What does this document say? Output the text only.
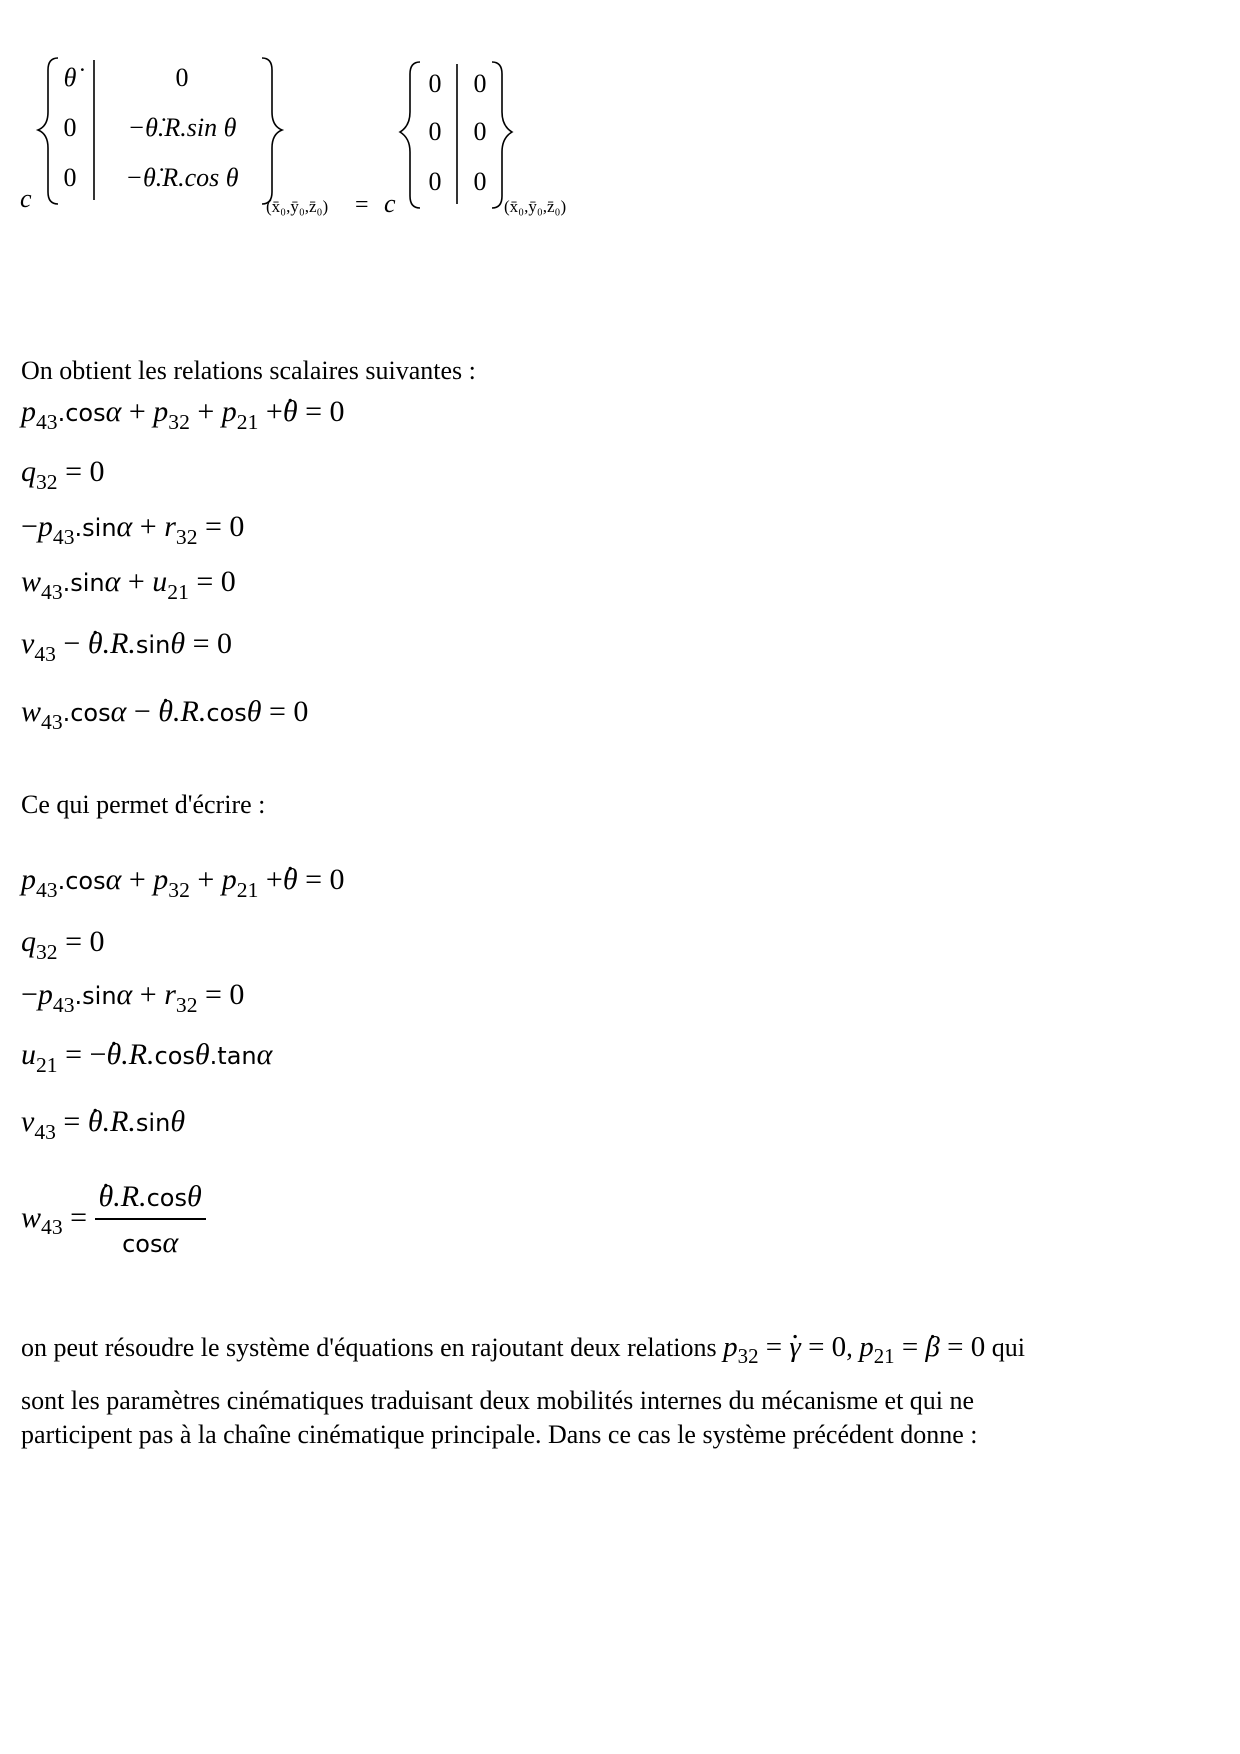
c
θ̇
0
0
0
−θ̇.R.sin θ
−θ̇.R.cos θ
(x̄₀,ȳ₀,z̄₀) = c
0
0
0
0
0
0
(x̄₀,ȳ₀,z̄₀)
On obtient les relations scalaires suivantes :
$p_{43}.\cos\alpha + p_{32} + p_{21}$ +. θ = 0
$q_{32} = 0$
$-p_{43}.\sin\alpha + r_{32} = 0$
$w_{43}.\sin\alpha + u_{21} = 0$
$v_{43}$ − . θ.R.sinθ = 0
$w_{43}.\cos\alpha$ − . θ.R.cosθ = 0
Ce qui permet d'écrire :
$p_{43}.\cos\alpha + p_{32} + p_{21}$ +. θ = 0
$q_{32} = 0$
$-p_{43}.\sin\alpha + r_{32} = 0$
$u_{21}$ = −. θ.R.cosθ.tanα
$v_{43}$ = . θ.R.sinθ
$w_{43}$ =
. $\frac{\theta.R.\cos\theta}{\cos\alpha}$
on peut résoudre le système d'équations en rajoutant deux relations $p_{32}$ = . γ = 0, $p_{21}$ = . β = 0 qui
sont les paramètres cinématiques traduisant deux mobilités internes du mécanisme et qui ne
participent pas à la chaîne cinématique principale. Dans ce cas le système précédent donne :
